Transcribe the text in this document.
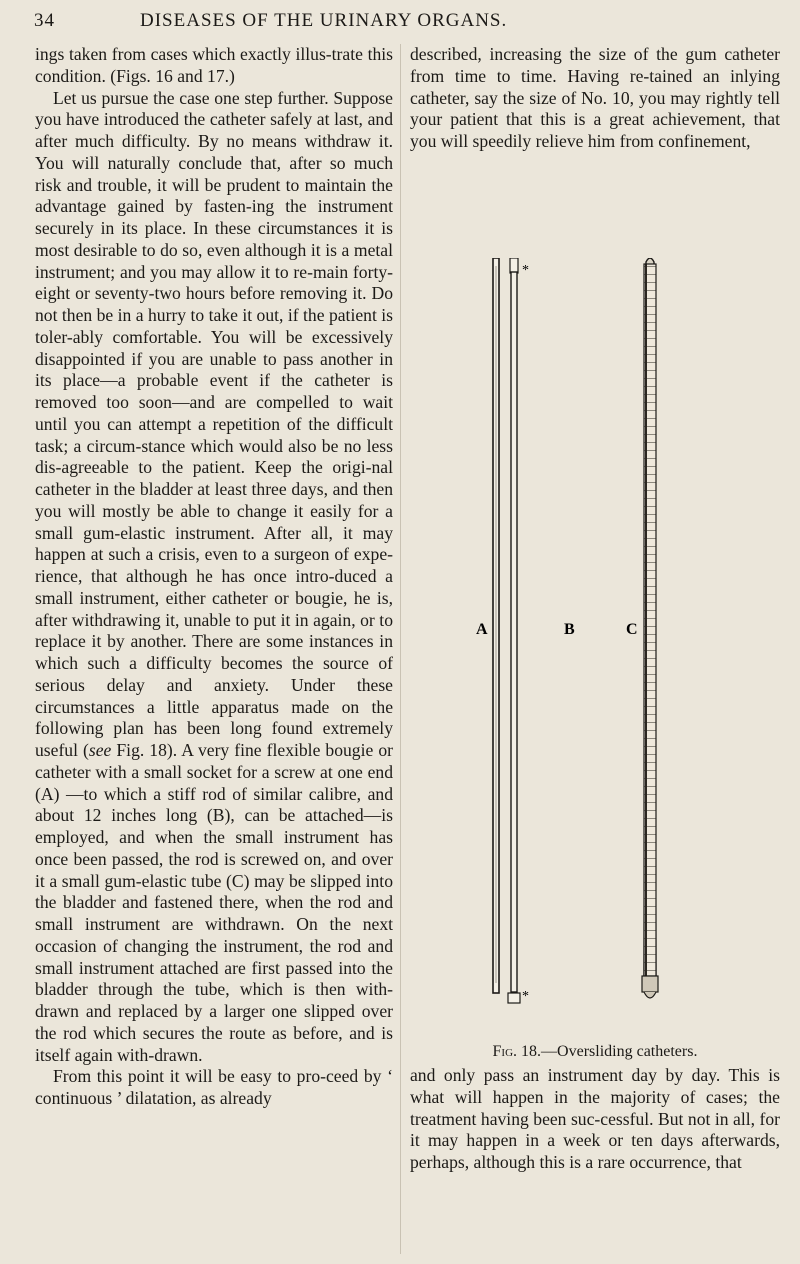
34	DISEASES OF THE URINARY ORGANS.

ings taken from cases which exactly illus-trate this condition. (Figs. 16 and 17.)

Let us pursue the case one step further. Suppose you have introduced the catheter safely at last, and after much difficulty. By no means withdraw it. You will naturally conclude that, after so much risk and trouble, it will be prudent to maintain the advantage gained by fasten-ing the instrument securely in its place. In these circumstances it is most desirable to do so, even although it is a metal instrument; and you may allow it to re-main forty-eight or seventy-two hours before removing it. Do not then be in a hurry to take it out, if the patient is toler-ably comfortable. You will be excessively disappointed if you are unable to pass another in its place—a probable event if the catheter is removed too soon—and are compelled to wait until you can attempt a repetition of the difficult task; a circum-stance which would also be no less dis-agreeable to the patient. Keep the origi-nal catheter in the bladder at least three days, and then you will mostly be able to change it easily for a small gum-elastic instrument. After all, it may happen at such a crisis, even to a surgeon of expe-rience, that although he has once intro-duced a small instrument, either catheter or bougie, he is, after withdrawing it, unable to put it in again, or to replace it by another. There are some instances in which such a difficulty becomes the source of serious delay and anxiety. Under these circumstances a little apparatus made on the following plan has been long found extremely useful (see Fig. 18). A very fine flexible bougie or catheter with a small socket for a screw at one end (A) —to which a stiff rod of similar calibre, and about 12 inches long (B), can be attached—is employed, and when the small instrument has once been passed, the rod is screwed on, and over it a small gum-elastic tube (C) may be slipped into the bladder and fastened there, when the rod and small instrument are withdrawn. On the next occasion of changing the instrument, the rod and small instrument attached are first passed into the bladder through the tube, which is then with-drawn and replaced by a larger one slipped over the rod which secures the route as before, and is itself again with-drawn.

From this point it will be easy to pro-ceed by ‘ continuous ’ dilatation, as already

described, increasing the size of the gum catheter from time to time. Having re-tained an inlying catheter, say the size of No. 10, you may rightly tell your patient that this is a great achievement, that you will speedily relieve him from confinement,

*
*
A	B	C
Fig. 18.—Oversliding catheters.

and only pass an instrument day by day. This is what will happen in the majority of cases; the treatment having been suc-cessful. But not in all, for it may happen in a week or ten days afterwards, perhaps, although this is a rare occurrence, that
